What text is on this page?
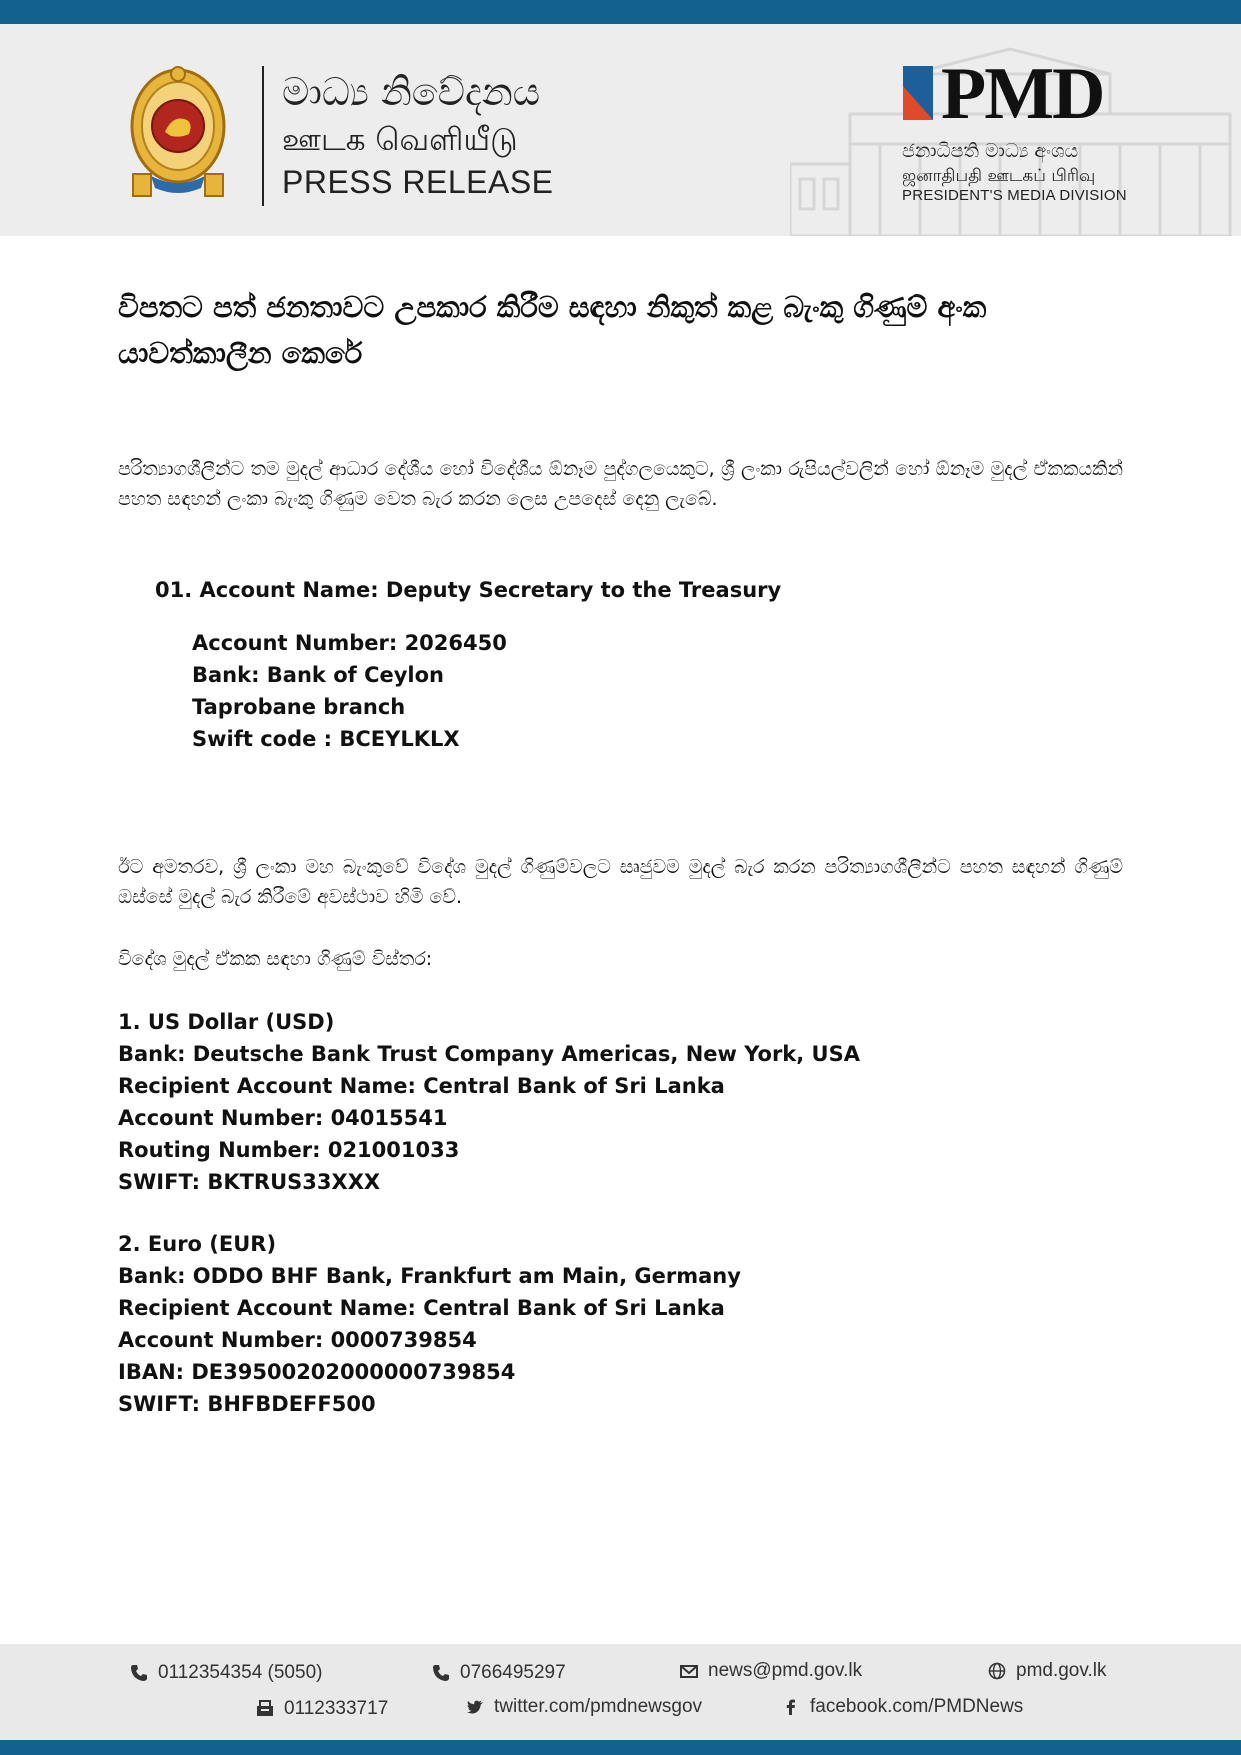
මාධ්‍ය නිවේදනය
ஊடக வெளியீடு
PRESS RELEASE
PMD
ජනාධිපති මාධ්‍ය අංශය
ஜனாதிபதி ஊடகப் பிரிவு
PRESIDENT'S MEDIA DIVISION
විපතට පත් ජනතාවට උපකාර කිරීම සඳහා නිකුත් කළ බැංකු ගිණුම් අංක යාවත්කාලීන කෙරේ
පරිත්‍යාගශීලීන්ට තම මුදල් ආධාර දේශීය හෝ විදේශීය ඕනෑම පුද්ගලයෙකුට, ශ්‍රී ලංකා රුපියල්වලින් හෝ ඕනෑම මුදල් ඒකකයකින් පහත සඳහන් ලංකා බැංකු ගිණුම වෙත බැර කරන ලෙස උපදෙස් දෙනු ලැබේ.
01. Account Name: Deputy Secretary to the Treasury
Account Number: 2026450
Bank: Bank of Ceylon
Taprobane branch
Swift code : BCEYLKLX
ඊට අමතරව, ශ්‍රී ලංකා මහ බැංකුවේ විදේශ මුදල් ගිණුම්වලට සෘජුවම මුදල් බැර කරන පරිත්‍යාගශීලීන්ට පහත සඳහන් ගිණුම් ඔස්සේ මුදල් බැර කිරීමේ අවස්ථාව හිමි වේ.
විදේශ මුදල් ඒකක සඳහා ගිණුම් විස්තර:
1. US Dollar (USD)
Bank: Deutsche Bank Trust Company Americas, New York, USA
Recipient Account Name: Central Bank of Sri Lanka
Account Number: 04015541
Routing Number: 021001033
SWIFT: BKTRUS33XXX
2. Euro (EUR)
Bank: ODDO BHF Bank, Frankfurt am Main, Germany
Recipient Account Name: Central Bank of Sri Lanka
Account Number: 0000739854
IBAN: DE39500202000000739854
SWIFT: BHFBDEFF500
0112354354 (5050)	0766495297	news@pmd.gov.lk	pmd.gov.lk
0112333717	twitter.com/pmdnewsgov	facebook.com/PMDNews
